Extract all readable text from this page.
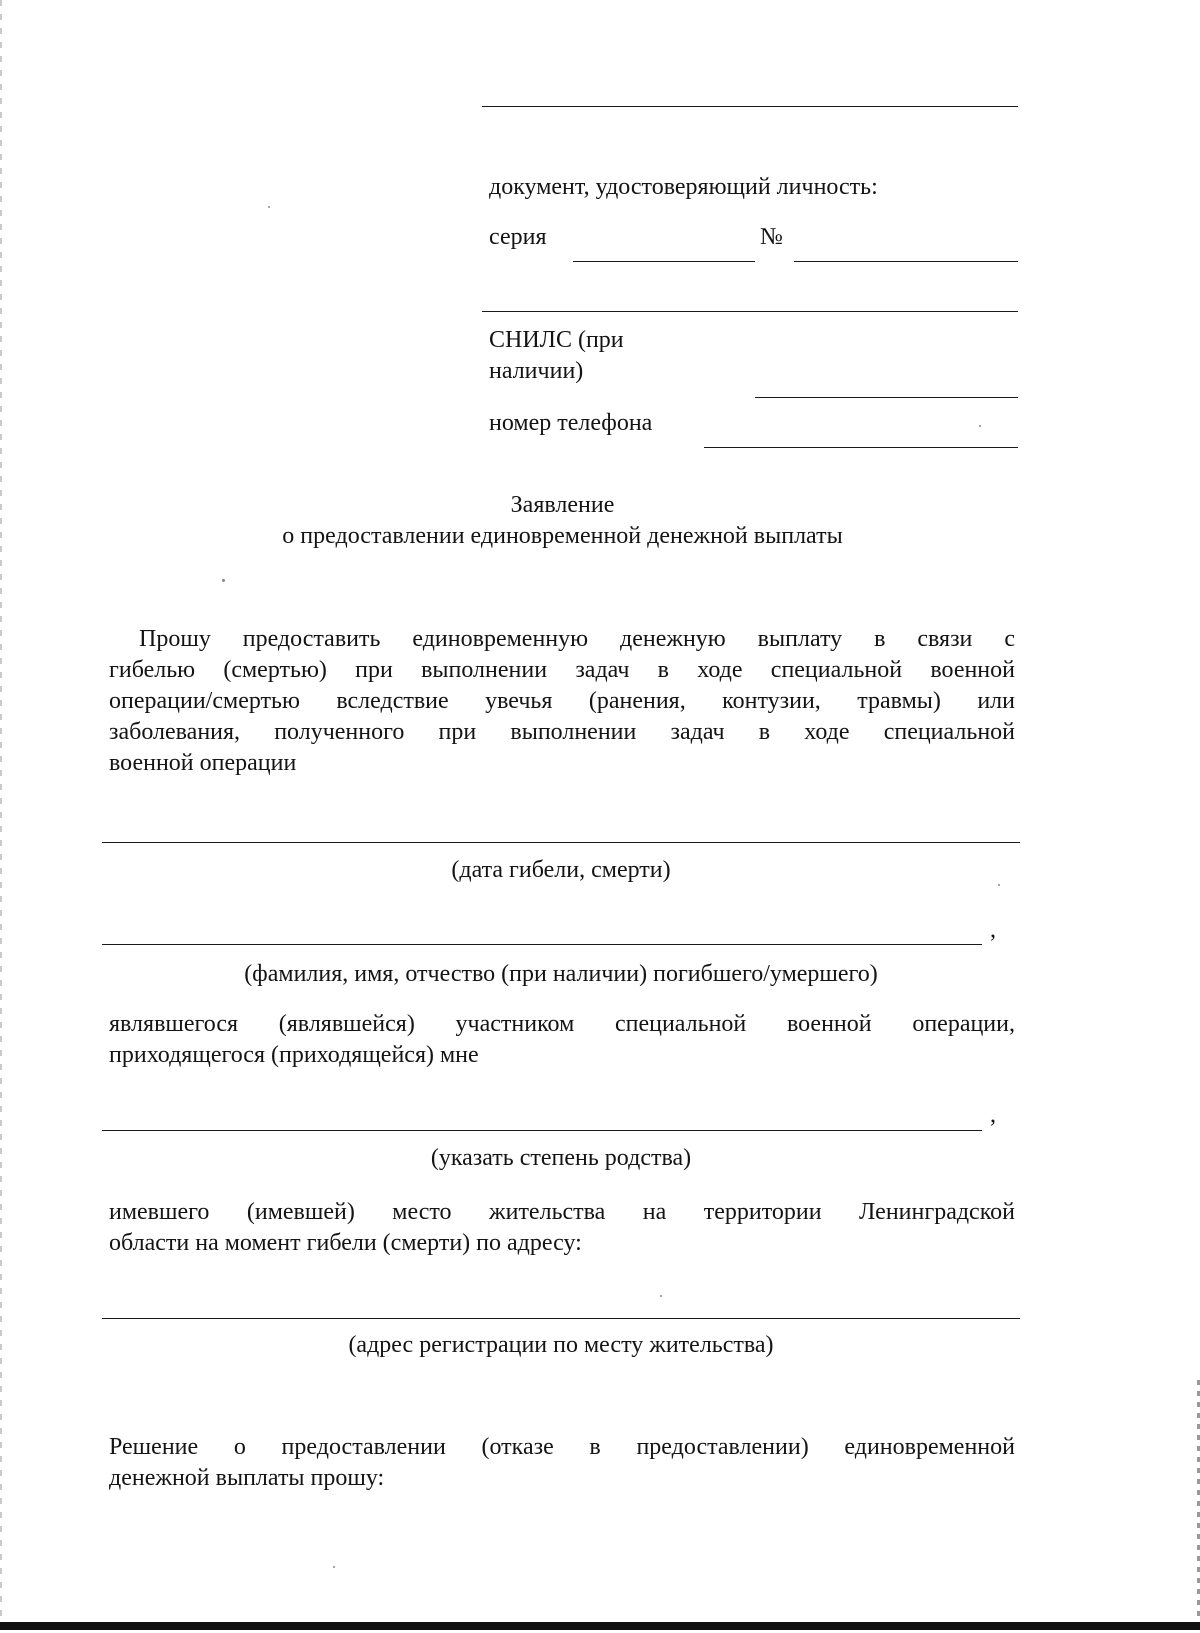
документ, удостоверяющий личность:
серия	№
СНИЛС (при
наличии)
номер телефона
Заявление
о предоставлении единовременной денежной выплаты
Прошу предоставить единовременную денежную выплату в связи с
гибелью (смертью) при выполнении задач в ходе специальной военной
операции/смертью вследствие увечья (ранения, контузии, травмы) или
заболевания, полученного при выполнении задач в ходе специальной
военной операции
(дата гибели, смерти)
,
(фамилия, имя, отчество (при наличии) погибшего/умершего)
являвшегося (являвшейся) участником специальной военной операции,
приходящегося (приходящейся) мне
,
(указать степень родства)
имевшего (имевшей) место жительства на территории Ленинградской
области на момент гибели (смерти) по адресу:
(адрес регистрации по месту жительства)
Решение о предоставлении (отказе в предоставлении) единовременной
денежной выплаты прошу:
